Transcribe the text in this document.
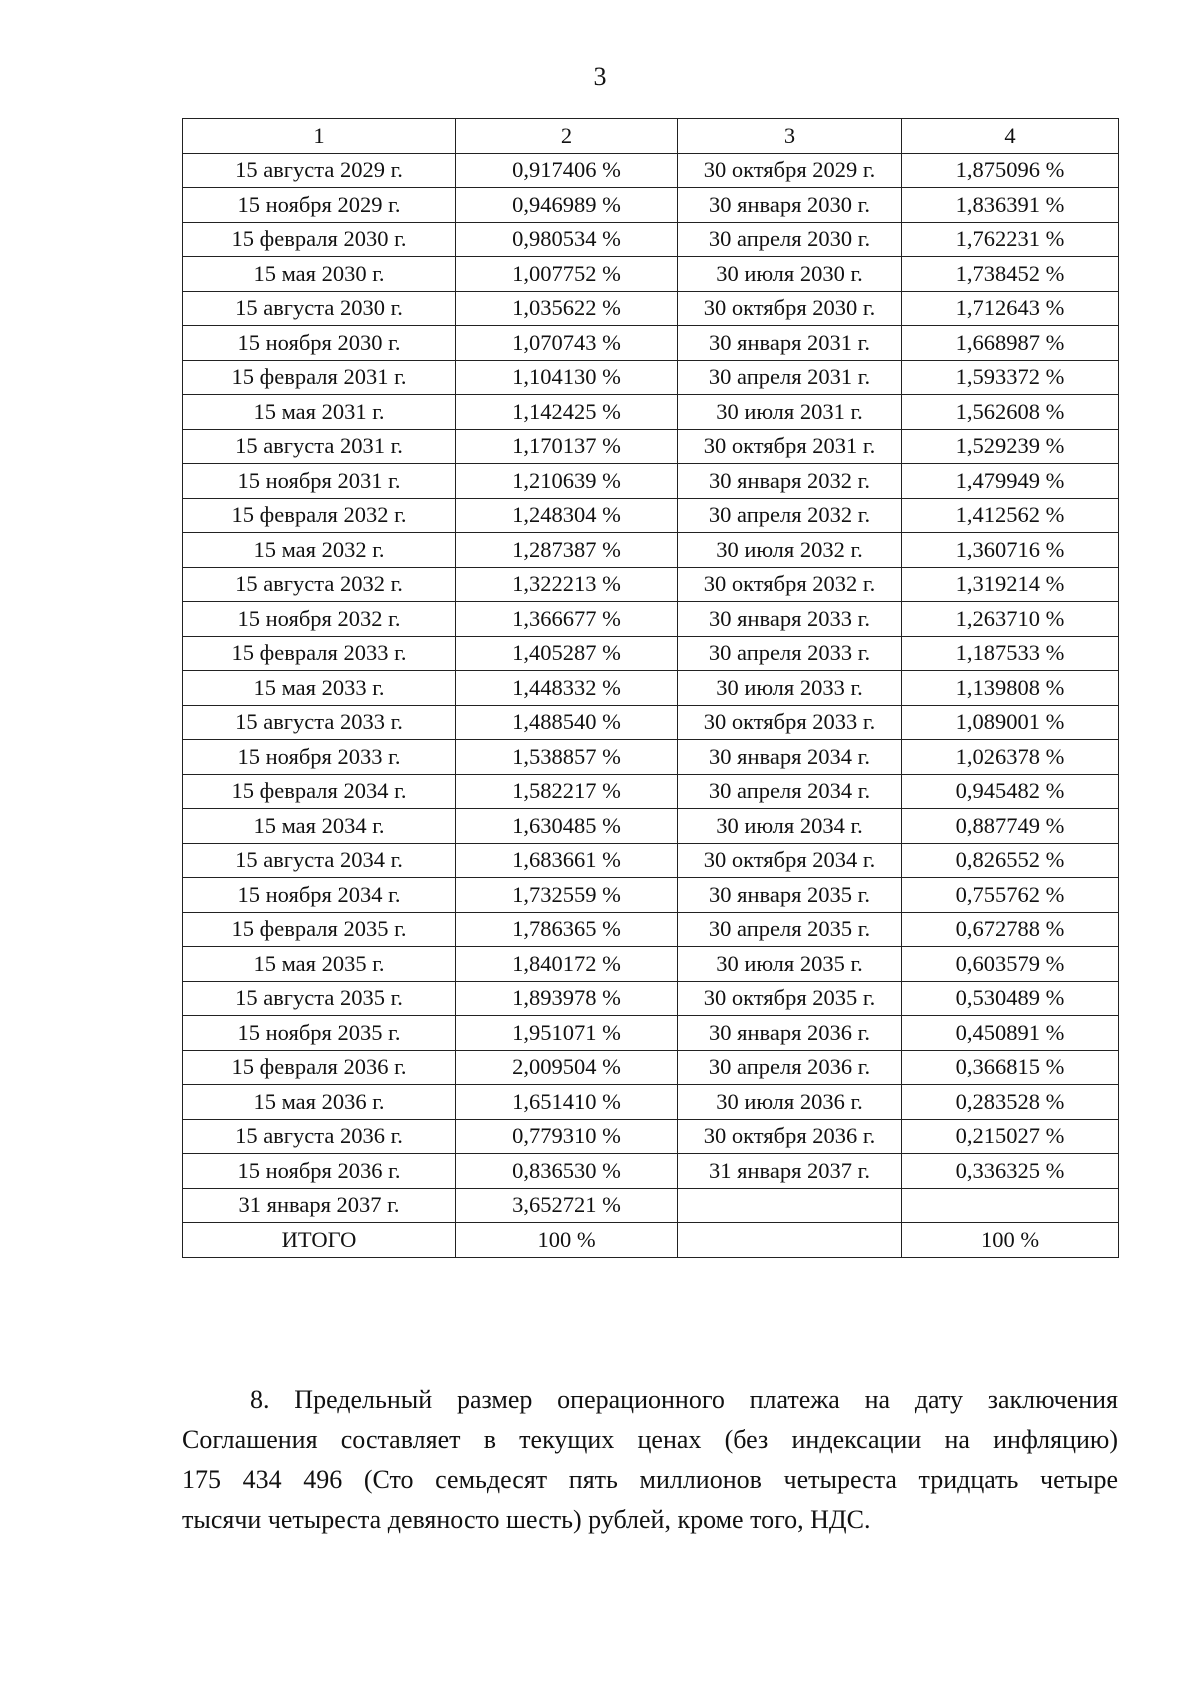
3
1	2	3	4
15 августа 2029 г.	0,917406 %	30 октября 2029 г.	1,875096 %
15 ноября 2029 г.	0,946989 %	30 января 2030 г.	1,836391 %
15 февраля 2030 г.	0,980534 %	30 апреля 2030 г.	1,762231 %
15 мая 2030 г.	1,007752 %	30 июля 2030 г.	1,738452 %
15 августа 2030 г.	1,035622 %	30 октября 2030 г.	1,712643 %
15 ноября 2030 г.	1,070743 %	30 января 2031 г.	1,668987 %
15 февраля 2031 г.	1,104130 %	30 апреля 2031 г.	1,593372 %
15 мая 2031 г.	1,142425 %	30 июля 2031 г.	1,562608 %
15 августа 2031 г.	1,170137 %	30 октября 2031 г.	1,529239 %
15 ноября 2031 г.	1,210639 %	30 января 2032 г.	1,479949 %
15 февраля 2032 г.	1,248304 %	30 апреля 2032 г.	1,412562 %
15 мая 2032 г.	1,287387 %	30 июля 2032 г.	1,360716 %
15 августа 2032 г.	1,322213 %	30 октября 2032 г.	1,319214 %
15 ноября 2032 г.	1,366677 %	30 января 2033 г.	1,263710 %
15 февраля 2033 г.	1,405287 %	30 апреля 2033 г.	1,187533 %
15 мая 2033 г.	1,448332 %	30 июля 2033 г.	1,139808 %
15 августа 2033 г.	1,488540 %	30 октября 2033 г.	1,089001 %
15 ноября 2033 г.	1,538857 %	30 января 2034 г.	1,026378 %
15 февраля 2034 г.	1,582217 %	30 апреля 2034 г.	0,945482 %
15 мая 2034 г.	1,630485 %	30 июля 2034 г.	0,887749 %
15 августа 2034 г.	1,683661 %	30 октября 2034 г.	0,826552 %
15 ноября 2034 г.	1,732559 %	30 января 2035 г.	0,755762 %
15 февраля 2035 г.	1,786365 %	30 апреля 2035 г.	0,672788 %
15 мая 2035 г.	1,840172 %	30 июля 2035 г.	0,603579 %
15 августа 2035 г.	1,893978 %	30 октября 2035 г.	0,530489 %
15 ноября 2035 г.	1,951071 %	30 января 2036 г.	0,450891 %
15 февраля 2036 г.	2,009504 %	30 апреля 2036 г.	0,366815 %
15 мая 2036 г.	1,651410 %	30 июля 2036 г.	0,283528 %
15 августа 2036 г.	0,779310 %	30 октября 2036 г.	0,215027 %
15 ноября 2036 г.	0,836530 %	31 января 2037 г.	0,336325 %
31 января 2037 г.	3,652721 %		
ИТОГО	100 %		100 %
8. Предельный размер операционного платежа на дату заключения
Соглашения составляет в текущих ценах (без индексации на инфляцию)
175 434 496 (Сто семьдесят пять миллионов четыреста тридцать четыре
тысячи четыреста девяносто шесть) рублей, кроме того, НДС.
